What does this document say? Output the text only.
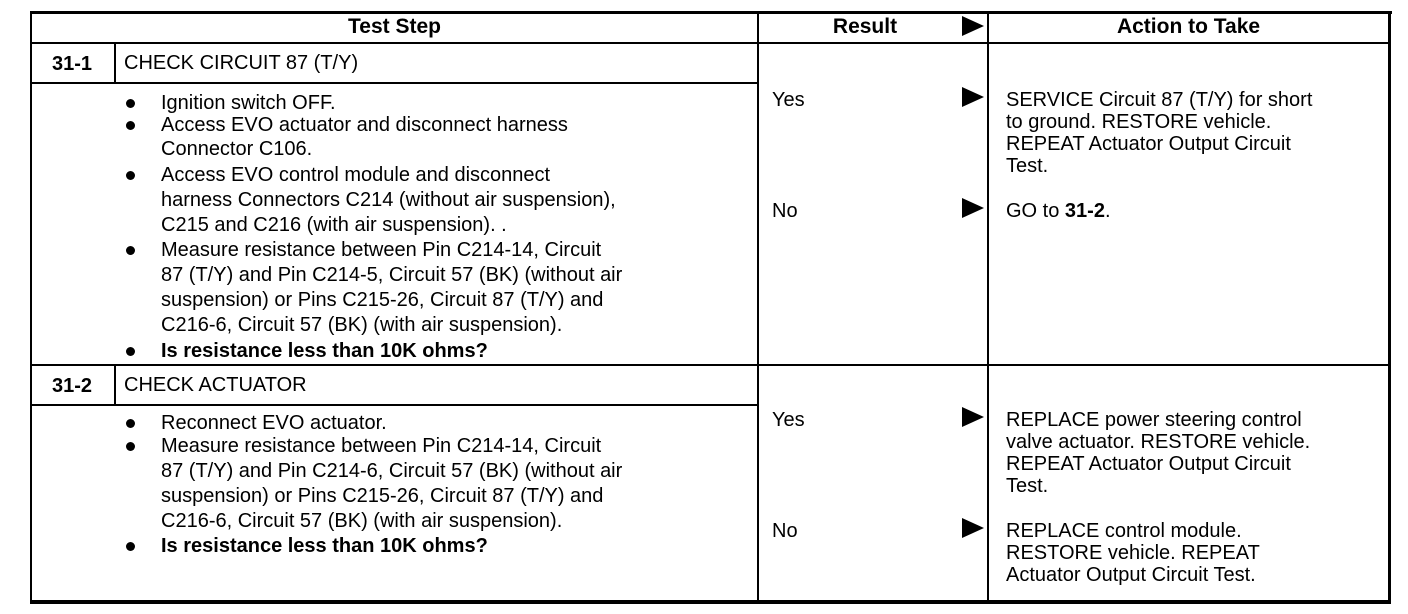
Test Step	Result	Action to Take
31-1	CHECK CIRCUIT 87 (T/Y)
Ignition switch OFF.
Access EVO actuator and disconnect harness
Connector C106.
Access EVO control module and disconnect
harness Connectors C214 (without air suspension),
C215 and C216 (with air suspension). .
Measure resistance between Pin C214-14, Circuit
87 (T/Y) and Pin C214-5, Circuit 57 (BK) (without air
suspension) or Pins C215-26, Circuit 87 (T/Y) and
C216-6, Circuit 57 (BK) (with air suspension).
Is resistance less than 10K ohms?
Yes	SERVICE Circuit 87 (T/Y) for short
to ground. RESTORE vehicle.
REPEAT Actuator Output Circuit
Test.
No	GO to 31-2.
31-2	CHECK ACTUATOR
Reconnect EVO actuator.
Measure resistance between Pin C214-14, Circuit
87 (T/Y) and Pin C214-6, Circuit 57 (BK) (without air
suspension) or Pins C215-26, Circuit 87 (T/Y) and
C216-6, Circuit 57 (BK) (with air suspension).
Is resistance less than 10K ohms?
Yes	REPLACE power steering control
valve actuator. RESTORE vehicle.
REPEAT Actuator Output Circuit
Test.
No	REPLACE control module.
RESTORE vehicle. REPEAT
Actuator Output Circuit Test.
